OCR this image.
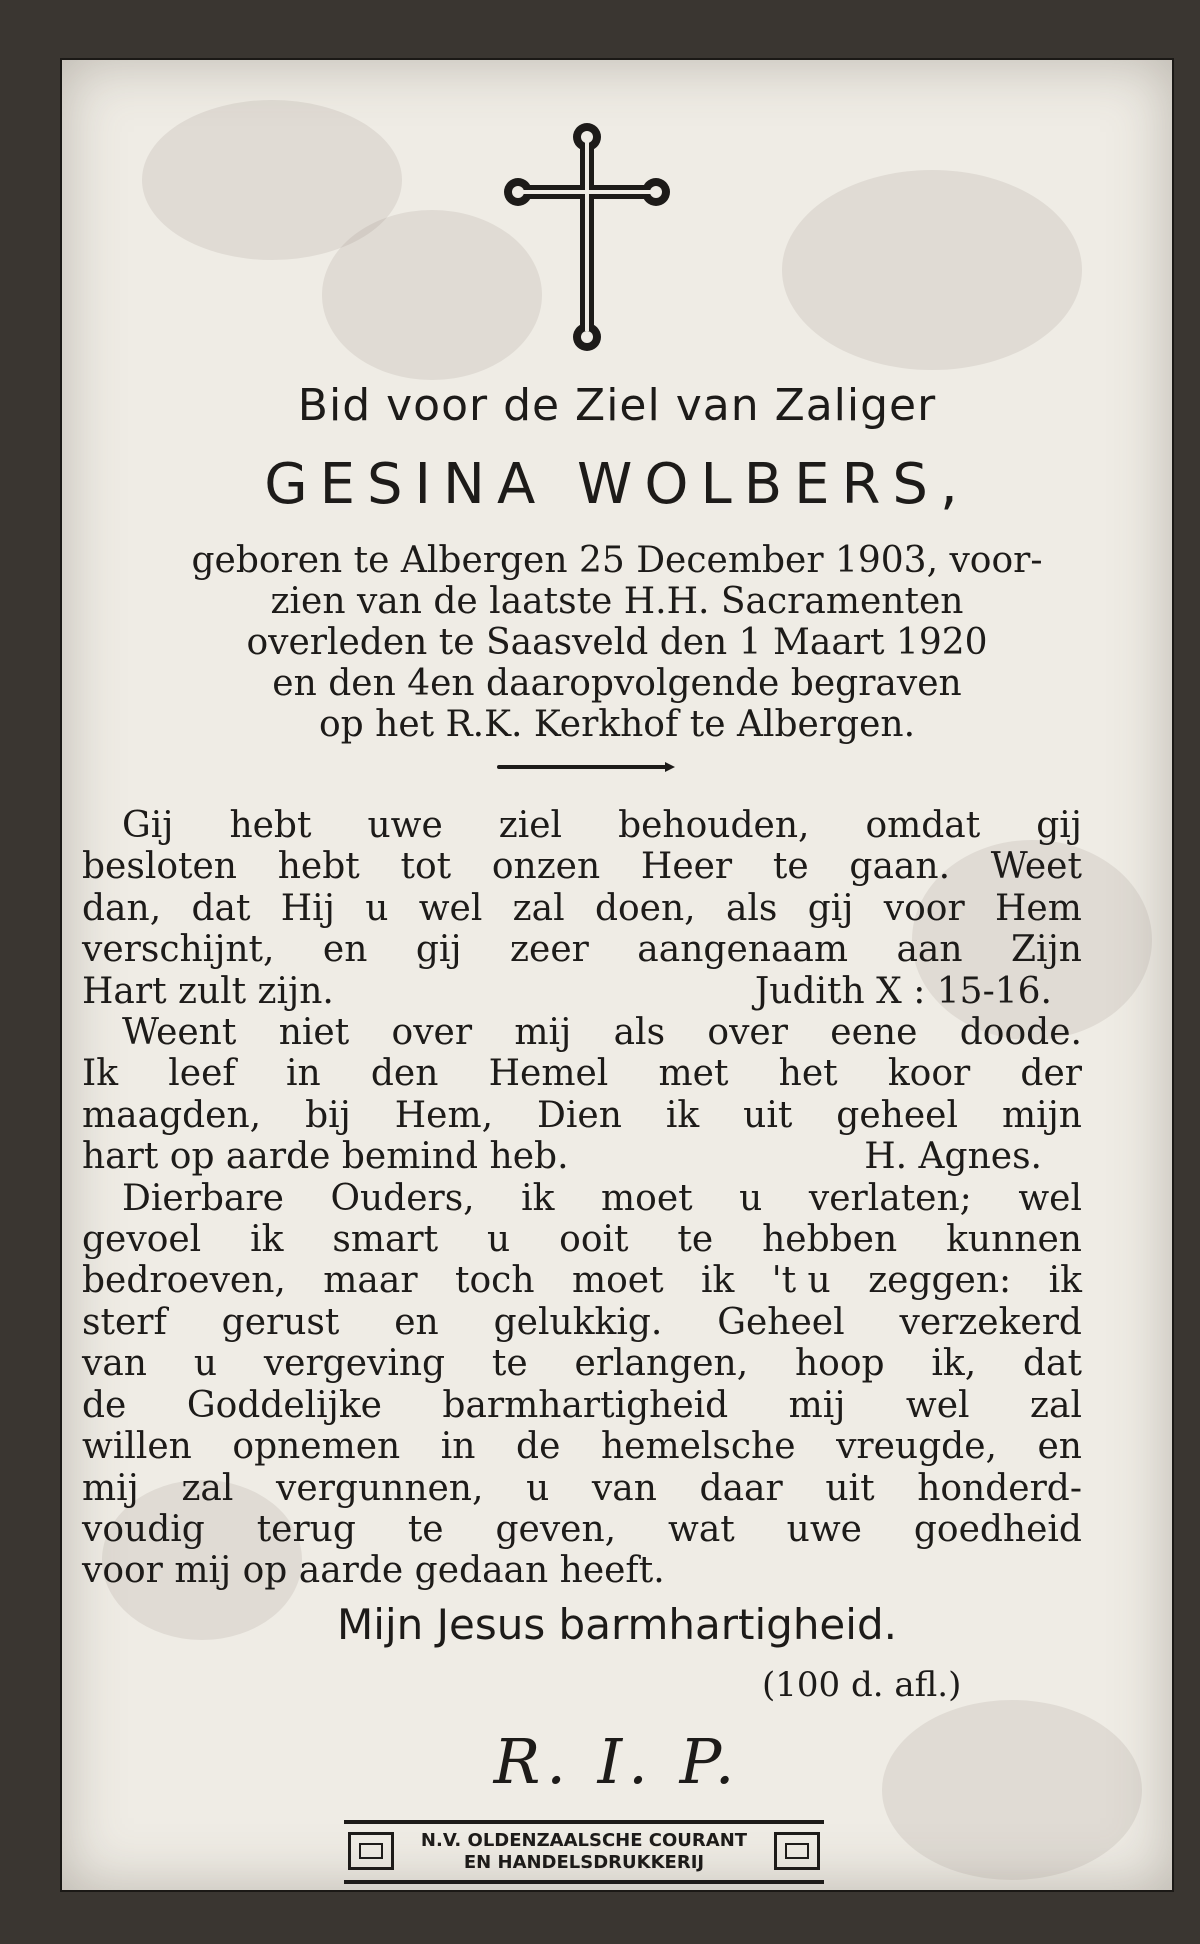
Bid voor de Ziel van Zaliger
GESINA WOLBERS,
geboren te Albergen 25 December 1903, voor-
zien van de laatste H.H. Sacramenten
overleden te Saasveld den 1 Maart 1920
en den 4en daaropvolgende begraven
op het R.K. Kerkhof te Albergen.
Gij hebt uwe ziel behouden, omdat gij
besloten hebt tot onzen Heer te gaan. Weet
dan, dat Hij u wel zal doen, als gij voor Hem
verschijnt, en gij zeer aangenaam aan Zijn
Hart zult zijn.	Judith X : 15-16.
Weent niet over mij als over eene doode.
Ik leef in den Hemel met het koor der
maagden, bij Hem, Dien ik uit geheel mijn
hart op aarde bemind heb.	H. Agnes.
Dierbare Ouders, ik moet u verlaten; wel
gevoel ik smart u ooit te hebben kunnen
bedroeven, maar toch moet ik 't u zeggen: ik
sterf gerust en gelukkig. Geheel verzekerd
van u vergeving te erlangen, hoop ik, dat
de Goddelijke barmhartigheid mij wel zal
willen opnemen in de hemelsche vreugde, en
mij zal vergunnen, u van daar uit honderd-
voudig terug te geven, wat uwe goedheid
voor mij op aarde gedaan heeft.
Mijn Jesus barmhartigheid.
(100 d. afl.)
R. I. P.
N.V. OLDENZAALSCHE COURANT
EN HANDELSDRUKKERIJ
